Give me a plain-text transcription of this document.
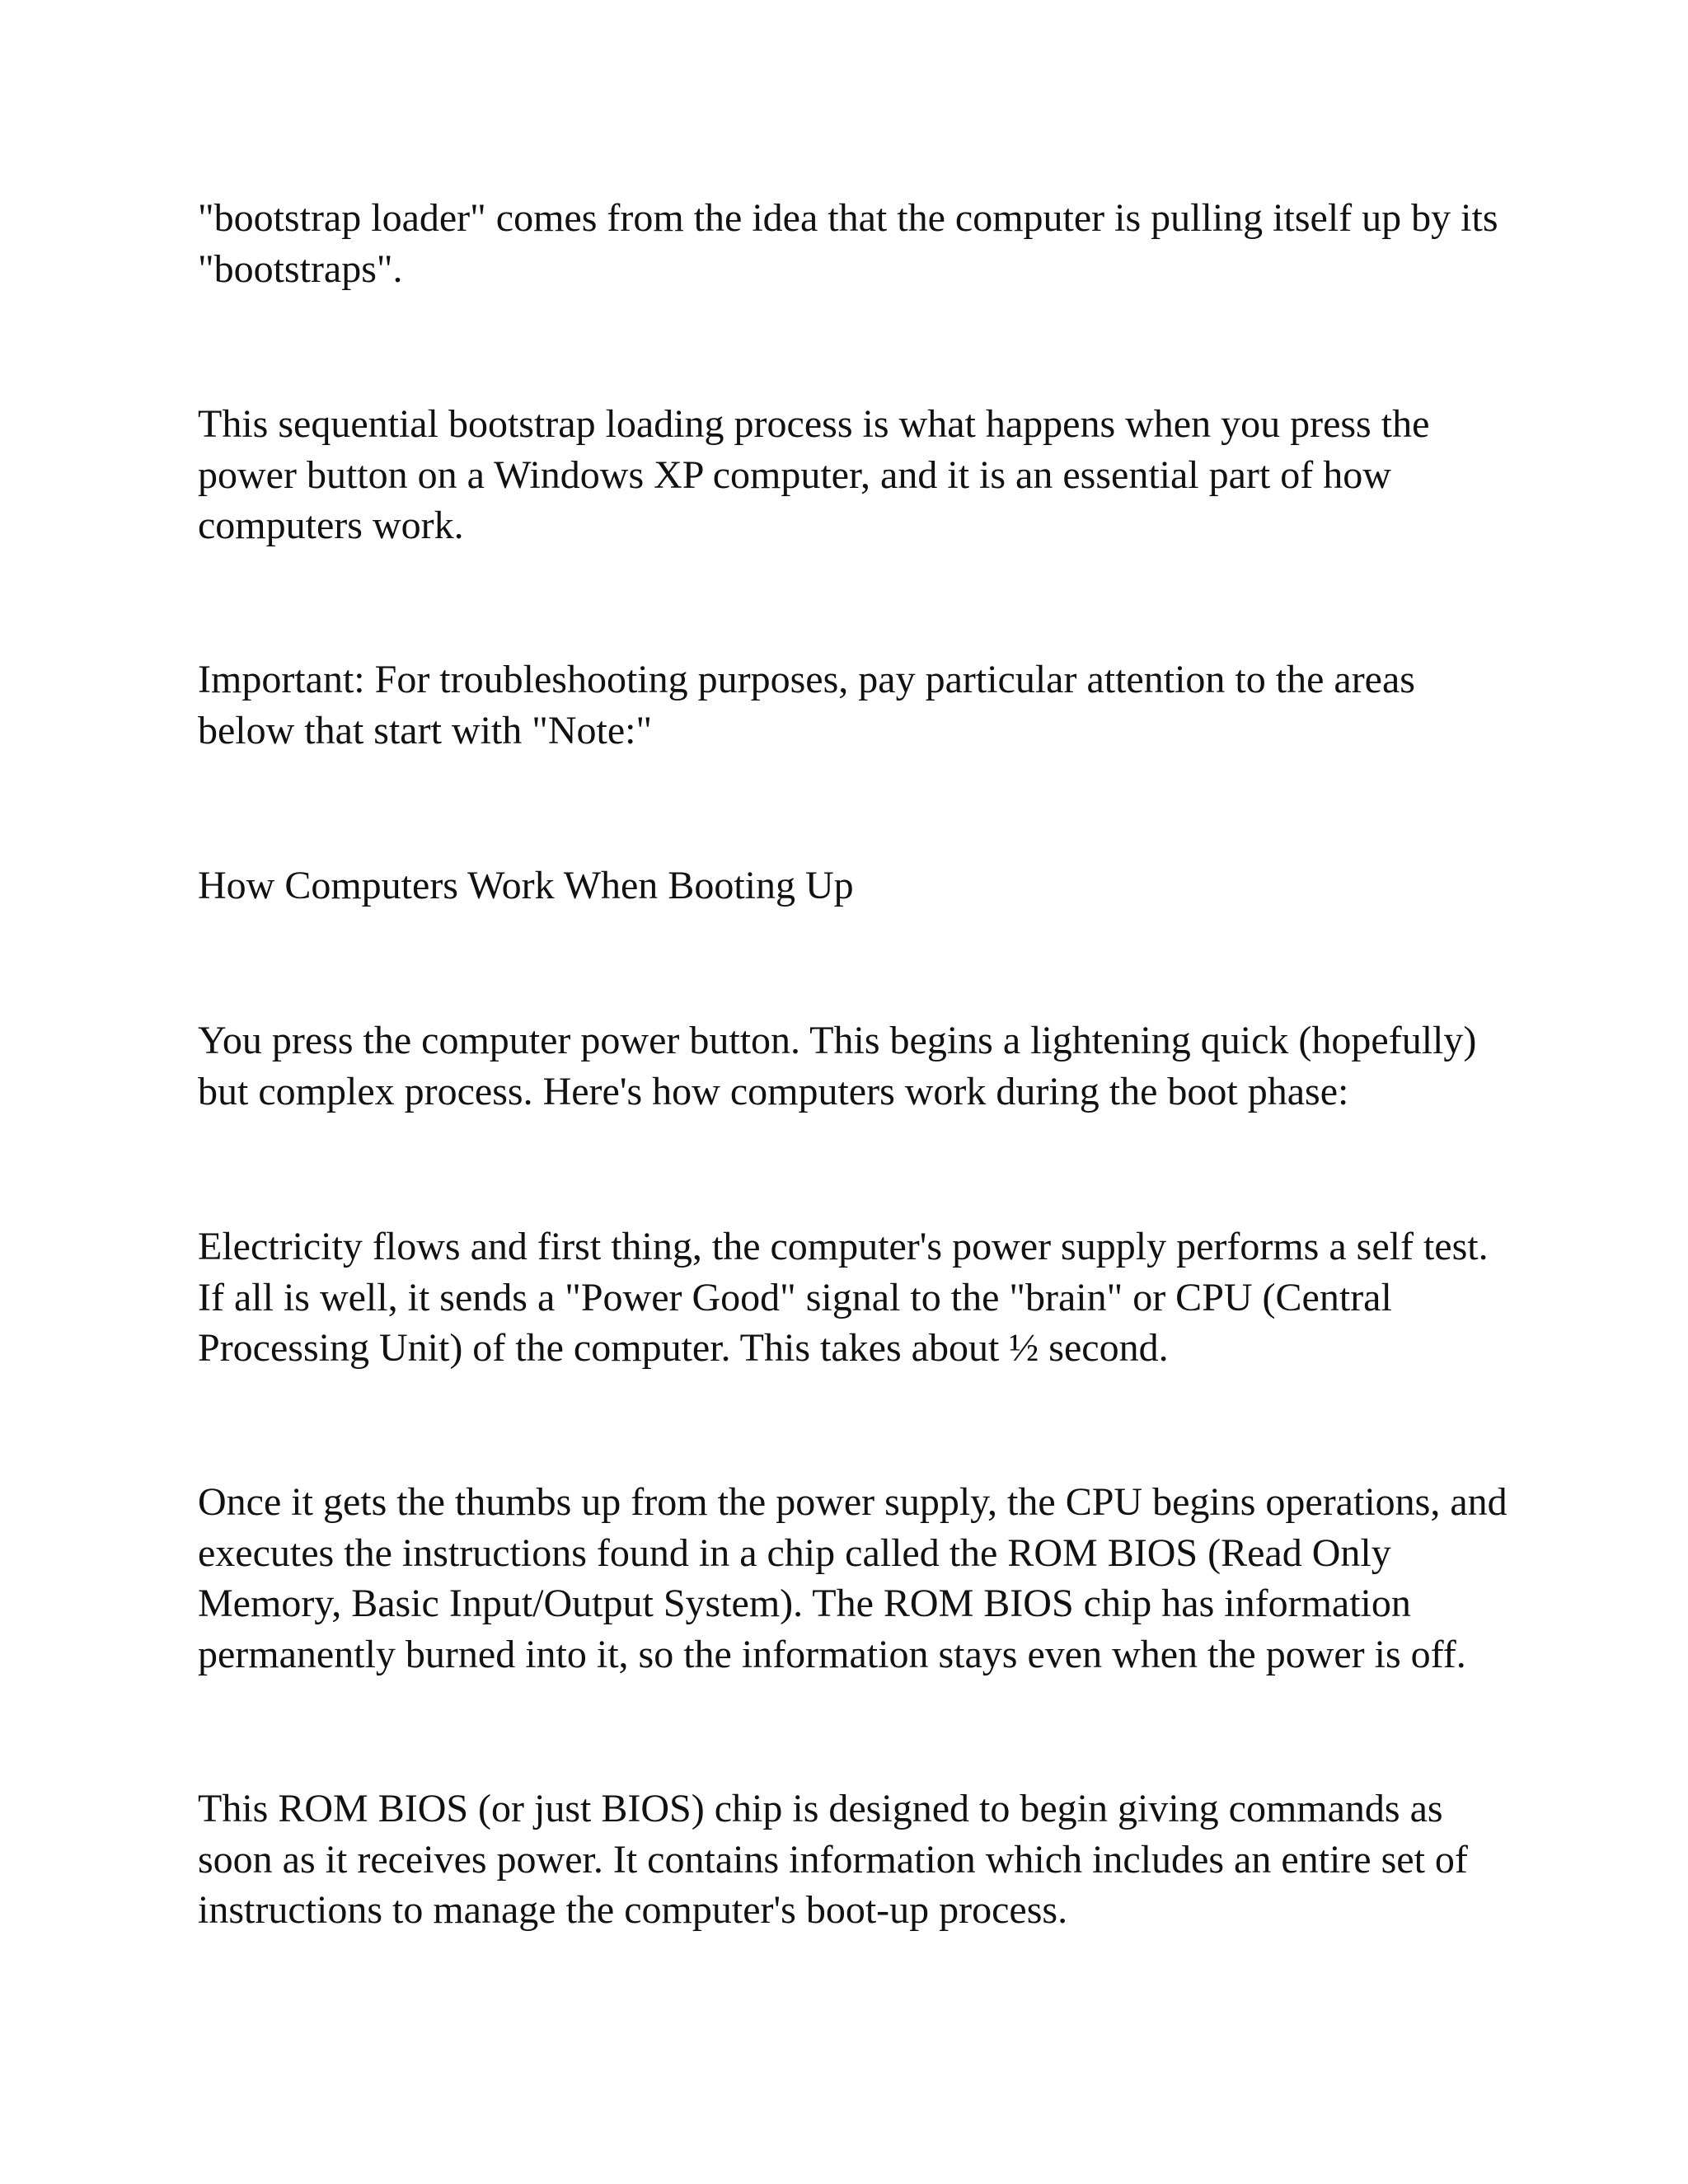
"bootstrap loader" comes from the idea that the computer is pulling itself up by its
"bootstraps".

This sequential bootstrap loading process is what happens when you press the
power button on a Windows XP computer, and it is an essential part of how
computers work.

Important: For troubleshooting purposes, pay particular attention to the areas
below that start with "Note:"

How Computers Work When Booting Up

You press the computer power button. This begins a lightening quick (hopefully)
but complex process. Here's how computers work during the boot phase:

Electricity flows and first thing, the computer's power supply performs a self test.
If all is well, it sends a "Power Good" signal to the "brain" or CPU (Central
Processing Unit) of the computer. This takes about ½ second.

Once it gets the thumbs up from the power supply, the CPU begins operations, and
executes the instructions found in a chip called the ROM BIOS (Read Only
Memory, Basic Input/Output System). The ROM BIOS chip has information
permanently burned into it, so the information stays even when the power is off.

This ROM BIOS (or just BIOS) chip is designed to begin giving commands as
soon as it receives power. It contains information which includes an entire set of
instructions to manage the computer's boot-up process.
